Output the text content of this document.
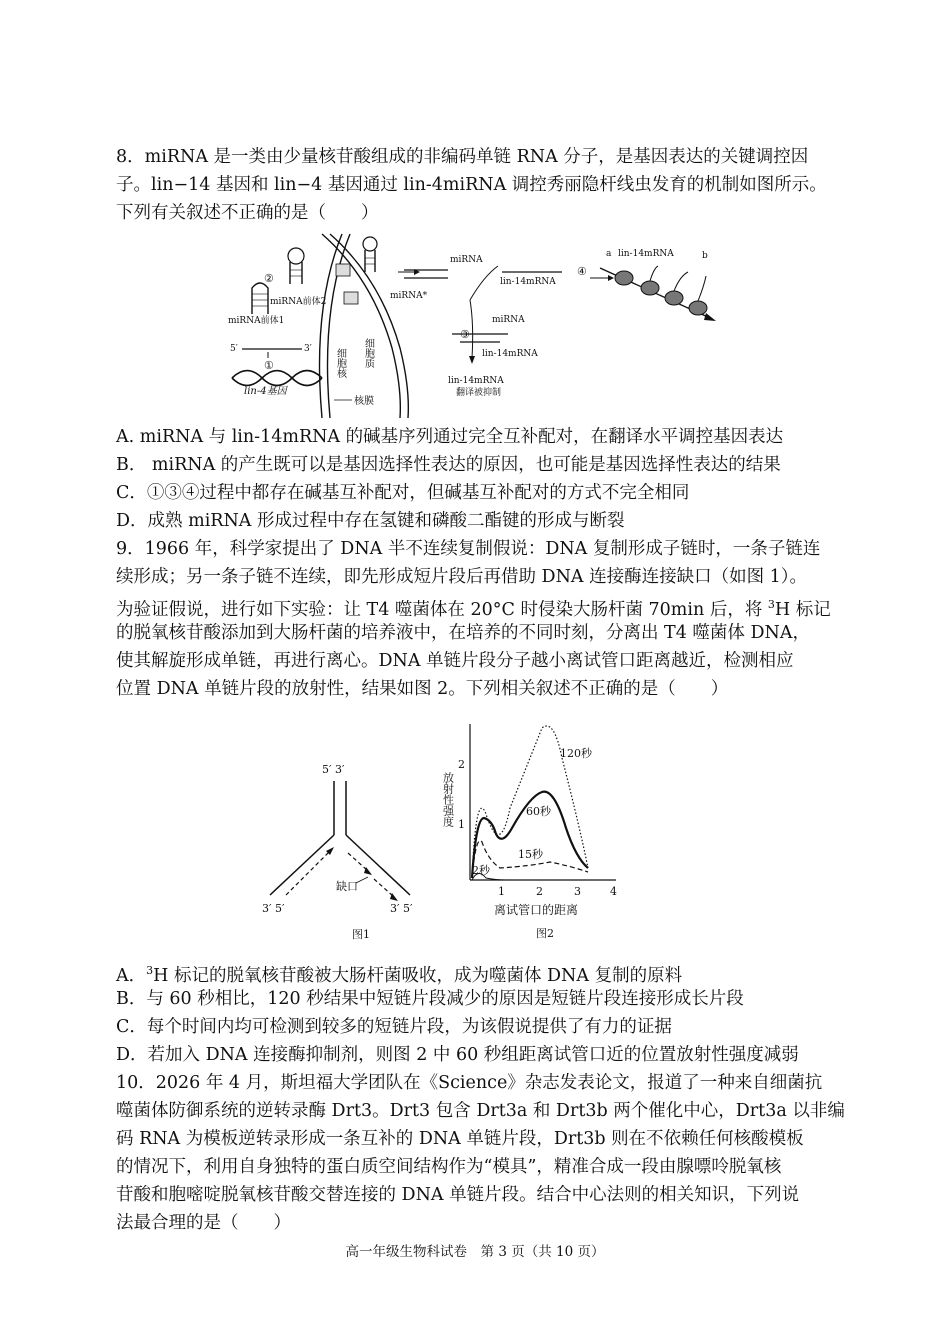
8．miRNA 是一类由少量核苷酸组成的非编码单链 RNA 分子，是基因表达的关键调控因
子。lin−14 基因和 lin−4 基因通过 lin-4miRNA 调控秀丽隐杆线虫发育的机制如图所示。
下列有关叙述不正确的是（　　）
细胞核 细胞质
核膜
lin-4基因
①
5′	3′
miRNA前体1
②
miRNA前体2
miRNA
miRNA*
③
lin-14mRNA
miRNA
lin-14mRNA
lin-14mRNA
翻译被抑制
④
a	b
lin-14mRNA
A. miRNA 与 lin-14mRNA 的碱基序列通过完全互补配对，在翻译水平调控基因表达
B． miRNA 的产生既可以是基因选择性表达的原因，也可能是基因选择性表达的结果
C．①③④过程中都存在碱基互补配对，但碱基互补配对的方式不完全相同
D．成熟 miRNA 形成过程中存在氢键和磷酸二酯键的形成与断裂
9．1966 年，科学家提出了 DNA 半不连续复制假说：DNA 复制形成子链时，一条子链连
续形成；另一条子链不连续，即先形成短片段后再借助 DNA 连接酶连接缺口（如图 1）。
为验证假说，进行如下实验：让 T4 噬菌体在 20°C 时侵染大肠杆菌 70min 后，将 $^3$H 标记
的脱氧核苷酸添加到大肠杆菌的培养液中，在培养的不同时刻，分离出 T4 噬菌体 DNA，
使其解旋形成单链，再进行离心。DNA 单链片段分子越小离试管口距离越近，检测相应
位置 DNA 单链片段的放射性，结果如图 2。下列相关叙述不正确的是（　　）
5′ 3′
缺口
3′ 5′	3′ 5′
图1
放射性强度 1
2
1	2	3	4
离试管口的距离
图2
120秒
60秒
15秒
2秒
A．$^3$H 标记的脱氧核苷酸被大肠杆菌吸收，成为噬菌体 DNA 复制的原料
B．与 60 秒相比，120 秒结果中短链片段减少的原因是短链片段连接形成长片段
C．每个时间内均可检测到较多的短链片段，为该假说提供了有力的证据
D．若加入 DNA 连接酶抑制剂，则图 2 中 60 秒组距离试管口近的位置放射性强度减弱
10．2026 年 4 月，斯坦福大学团队在《Science》杂志发表论文，报道了一种来自细菌抗
噬菌体防御系统的逆转录酶 Drt3。Drt3 包含 Drt3a 和 Drt3b 两个催化中心，Drt3a 以非编
码 RNA 为模板逆转录形成一条互补的 DNA 单链片段，Drt3b 则在不依赖任何核酸模板
的情况下，利用自身独特的蛋白质空间结构作为“模具”，精准合成一段由腺嘌呤脱氧核
苷酸和胞嘧啶脱氧核苷酸交替连接的 DNA 单链片段。结合中心法则的相关知识，下列说
法最合理的是（　　）
高一年级生物科试卷　第 3 页（共 10 页）
